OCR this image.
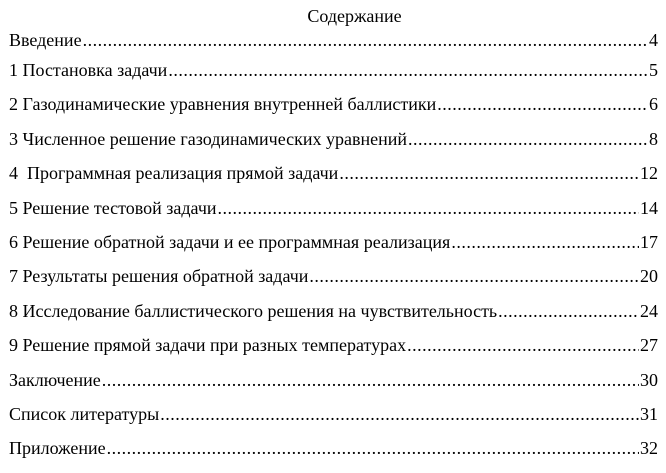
Содержание
Введение .....	4
1 Постановка задачи .....	5
2 Газодинамические уравнения внутренней баллистики .....	6
3 Численное решение газодинамических уравнений .....	8
4  Программная реализация прямой задачи .....	12
5 Решение тестовой задачи .....	14
6 Решение обратной задачи и ее программная реализация .....	17
7 Результаты решения обратной задачи .....	20
8 Исследование баллистического решения на чувствительность .....	24
9 Решение прямой задачи при разных температурах .....	27
Заключение .....	30
Список литературы .....	31
Приложение .....	32
